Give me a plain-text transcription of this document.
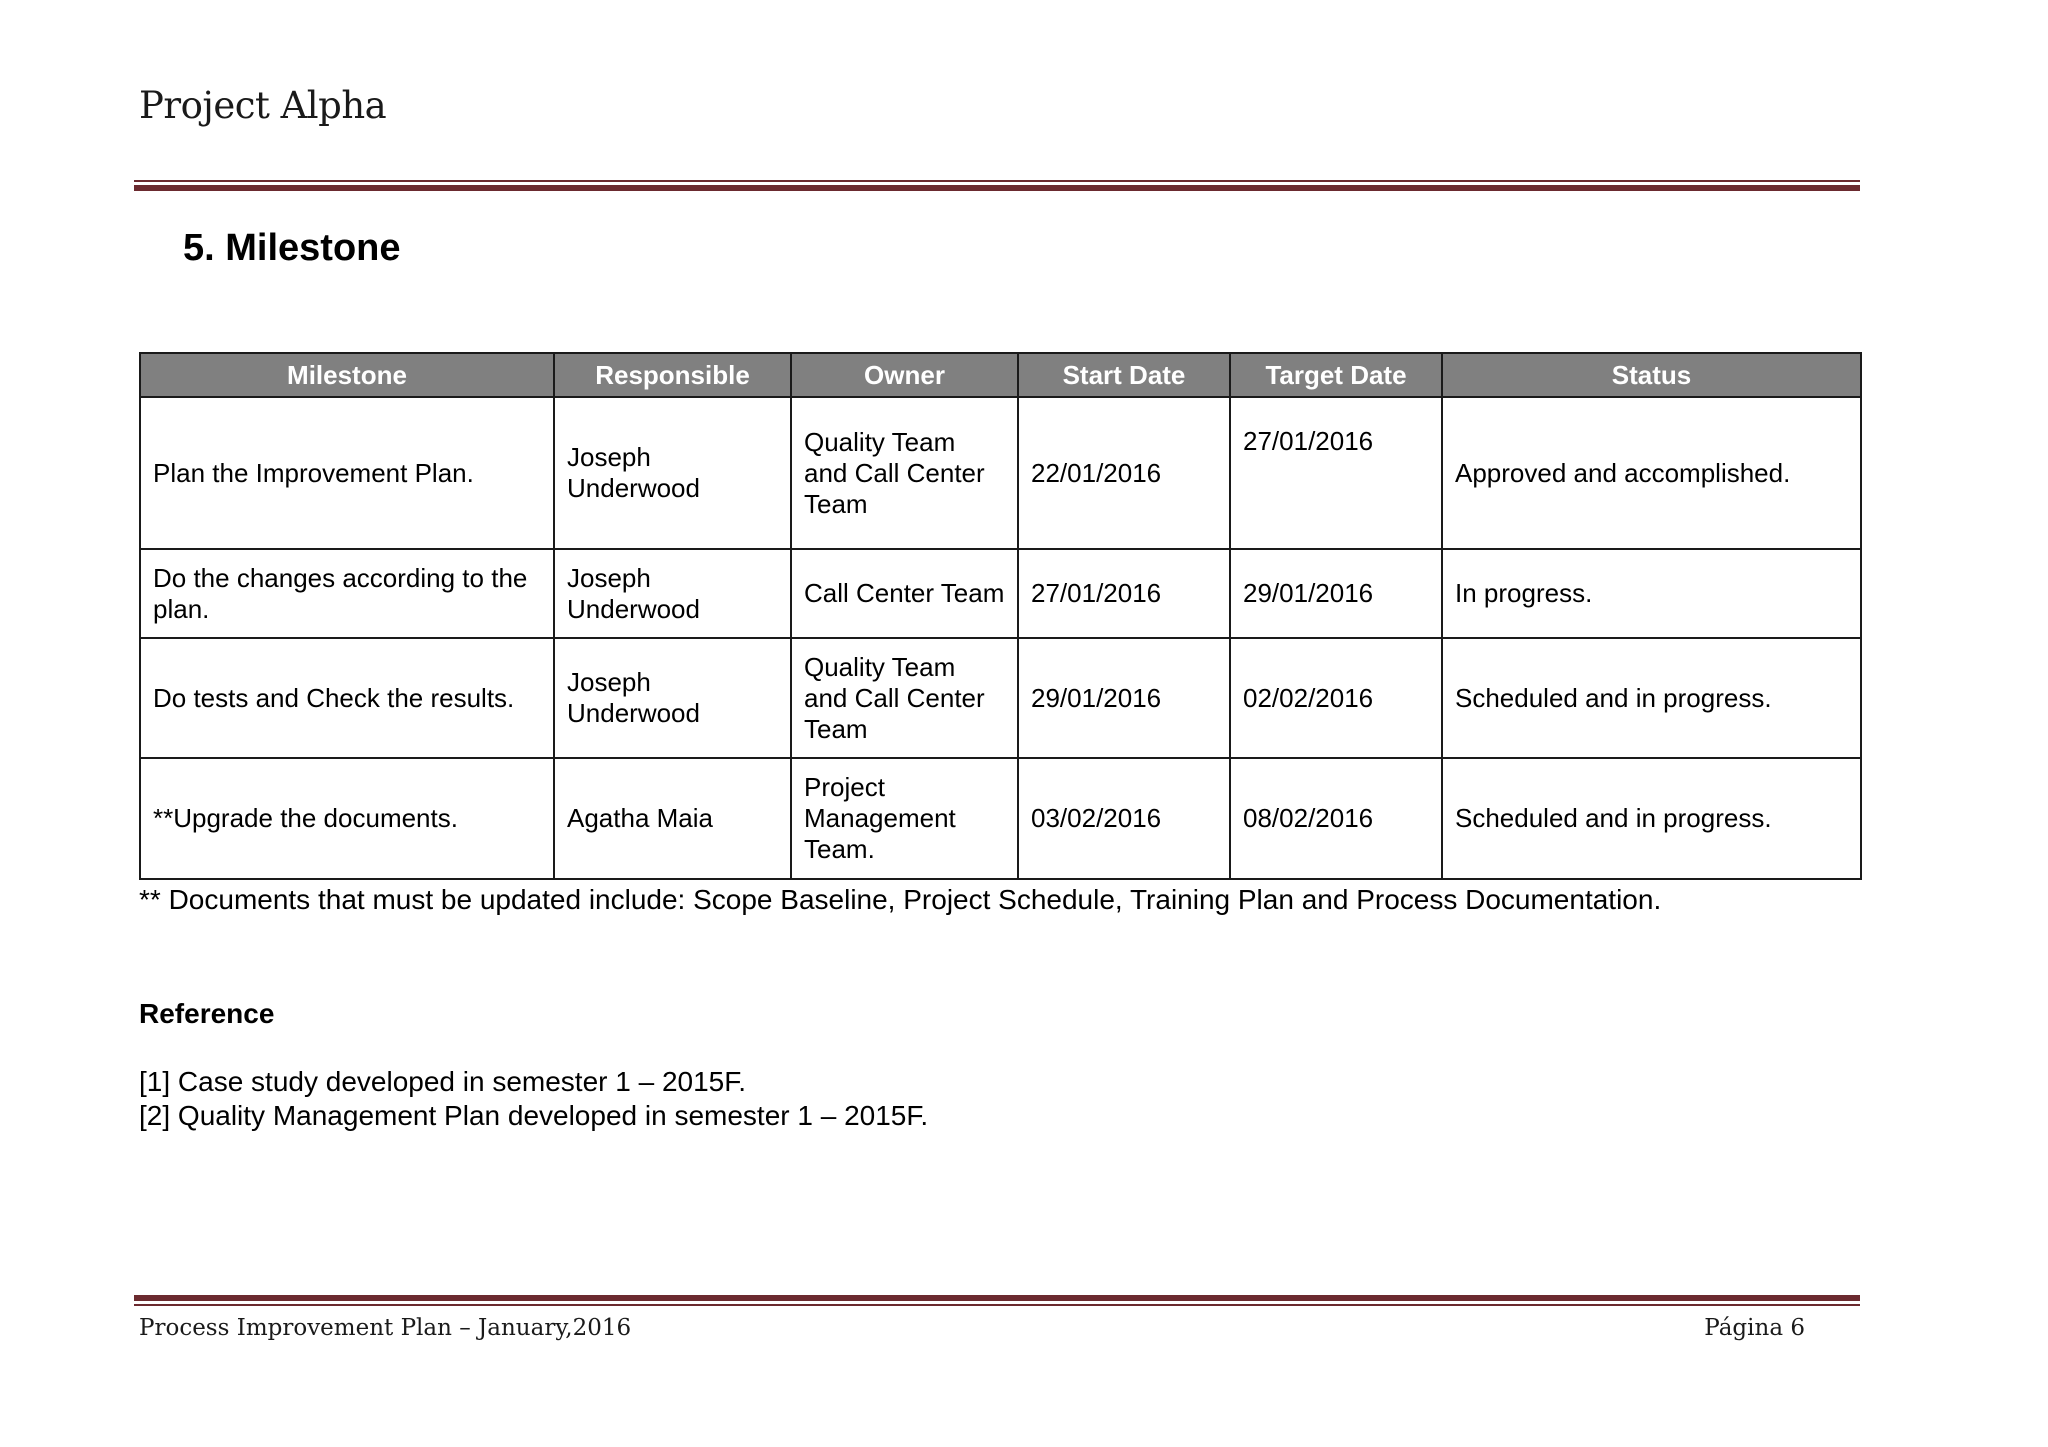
Project Alpha
5. Milestone
Milestone	Responsible	Owner	Start Date	Target Date	Status
Plan the Improvement Plan.	Joseph Underwood	Quality Team and Call Center Team	22/01/2016	27/01/2016	Approved and accomplished.
Do the changes according to the plan.	Joseph Underwood	Call Center Team	27/01/2016	29/01/2016	In progress.
Do tests and Check the results.	Joseph Underwood	Quality Team and Call Center Team	29/01/2016	02/02/2016	Scheduled and in progress.
**Upgrade the documents.	Agatha Maia	Project Management Team.	03/02/2016	08/02/2016	Scheduled and in progress.
** Documents that must be updated include: Scope Baseline, Project Schedule, Training Plan and Process Documentation.
Reference
[1] Case study developed in semester 1 – 2015F.
[2] Quality Management Plan developed in semester 1 – 2015F.
Process Improvement Plan – January,2016	Página 6
